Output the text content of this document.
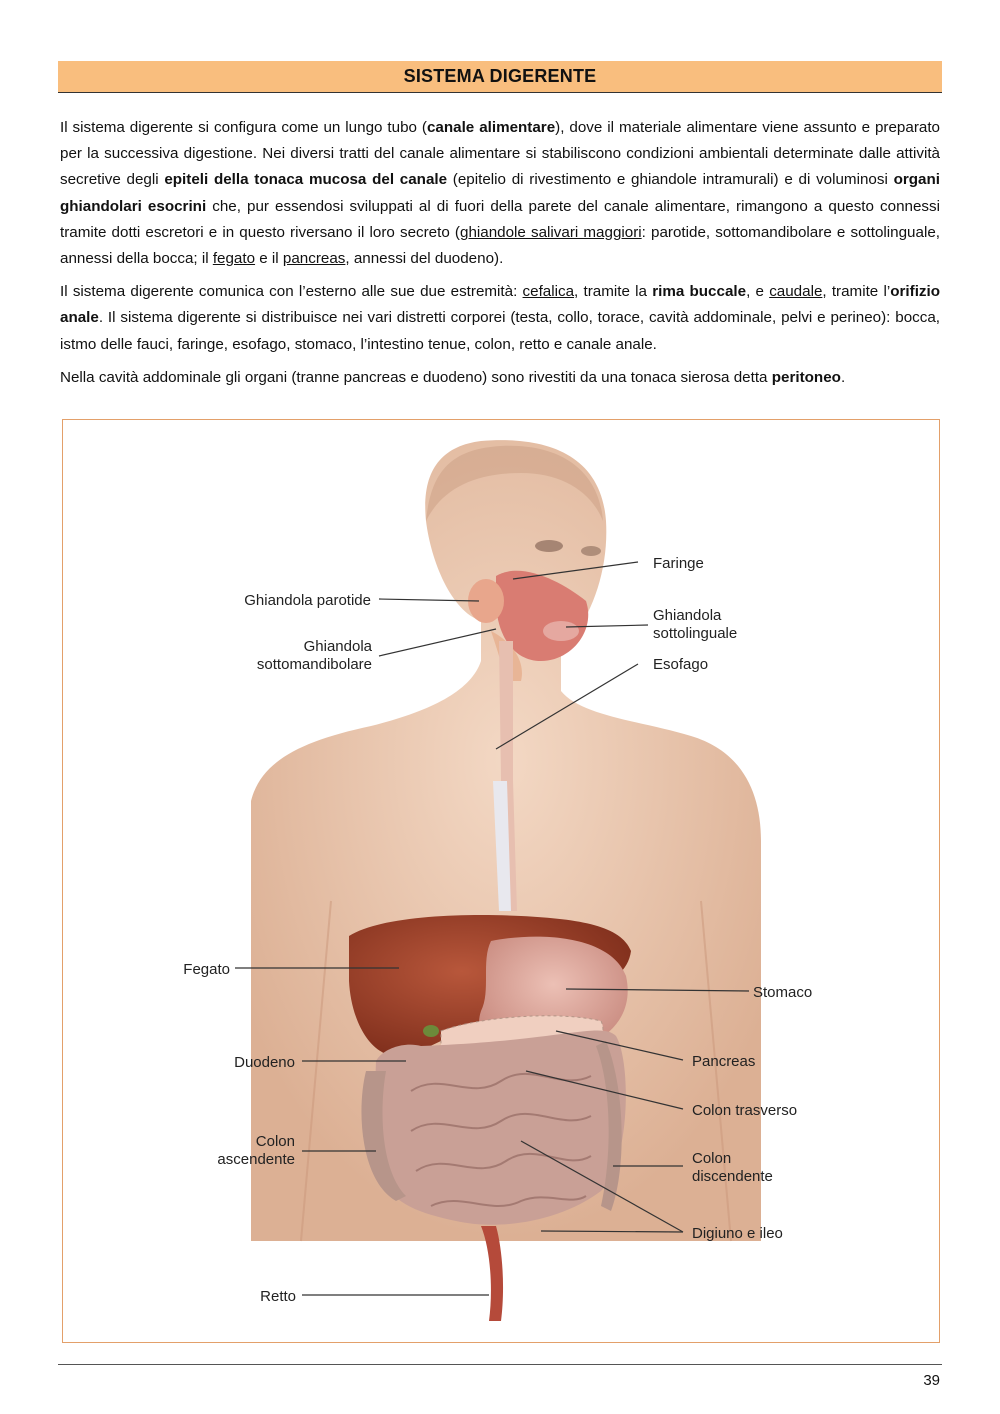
SISTEMA DIGERENTE

Il sistema digerente si configura come un lungo tubo (canale alimentare), dove il materiale alimentare viene assunto e preparato per la successiva digestione. Nei diversi tratti del canale alimentare si stabiliscono condizioni ambientali determinate dalle attività secretive degli epiteli della tonaca mucosa del canale (epitelio di rivestimento e ghiandole intramurali) e di voluminosi organi ghiandolari esocrini che, pur essendosi sviluppati al di fuori della parete del canale alimentare, rimangono a questo connessi tramite dotti escretori e in questo riversano il loro secreto (ghiandole salivari maggiori: parotide, sottomandibolare e sottolinguale, annessi della bocca; il fegato e il pancreas, annessi del duodeno).

Il sistema digerente comunica con l’esterno alle sue due estremità: cefalica, tramite la rima buccale, e caudale, tramite l’orifizio anale. Il sistema digerente si distribuisce nei vari distretti corporei (testa, collo, torace, cavità addominale, pelvi e perineo): bocca, istmo delle fauci, faringe, esofago, stomaco, l’intestino tenue, colon, retto e canale anale.

Nella cavità addominale gli organi (tranne pancreas e duodeno) sono rivestiti da una tonaca sierosa detta peritoneo.

Faringe
Ghiandola parotide
Ghiandola
sottolinguale
Ghiandola
sottomandibolare	Esofago
Fegato
Stomaco
Duodeno	Pancreas
Colon trasverso
Colon
ascendente	Colon
discendente
Digiuno e ileo
Retto
39
